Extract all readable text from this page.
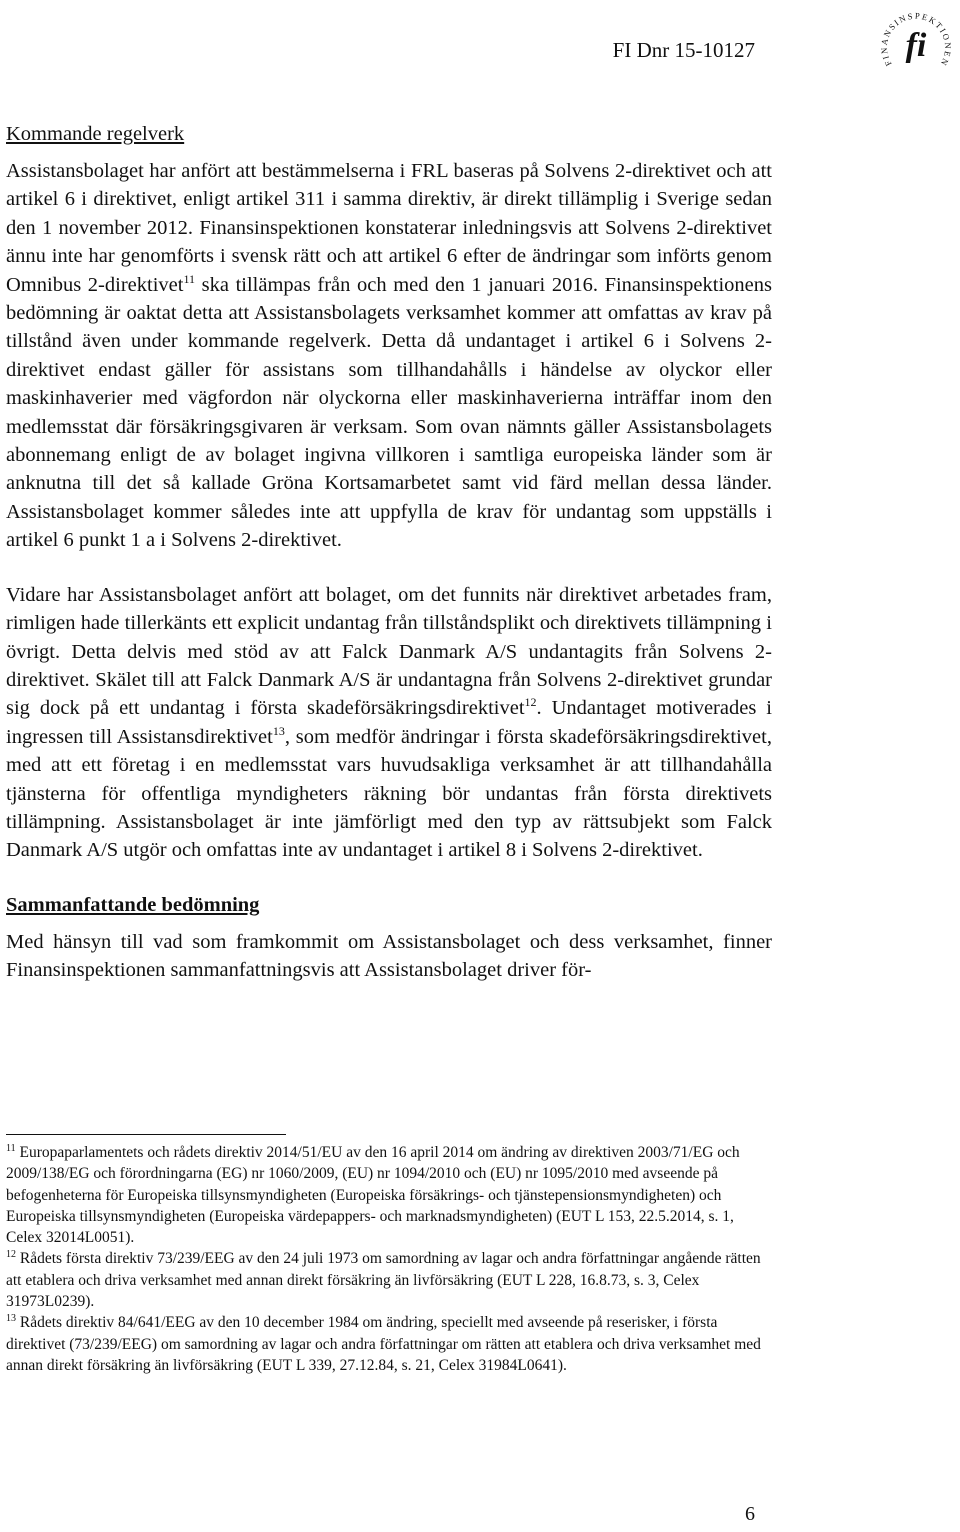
FI Dnr 15-10127
FINANSINSPEKTIONEN
fi
Kommande regelverk

Assistansbolaget har anfört att bestämmelserna i FRL baseras på Solvens 2-direktivet och att artikel 6 i direktivet, enligt artikel 311 i samma direktiv, är direkt tillämplig i Sverige sedan den 1 november 2012. Finansinspektionen konstaterar inledningsvis att Solvens 2-direktivet ännu inte har genomförts i svensk rätt och att artikel 6 efter de ändringar som införts genom Omnibus 2-direktivet$^{11}$ ska tillämpas från och med den 1 januari 2016. Finansinspektionens bedömning är oaktat detta att Assistansbolagets verksamhet kommer att omfattas av krav på tillstånd även under kommande regelverk. Detta då undantaget i artikel 6 i Solvens 2-direktivet endast gäller för assistans som tillhandahålls i händelse av olyckor eller maskinhaverier med vägfordon när olyckorna eller maskinhaverierna inträffar inom den medlemsstat där försäkringsgivaren är verksam. Som ovan nämnts gäller Assistansbolagets abonnemang enligt de av bolaget ingivna villkoren i samtliga europeiska länder som är anknutna till det så kallade Gröna Kortsamarbetet samt vid färd mellan dessa länder. Assistansbolaget kommer således inte att uppfylla de krav för undantag som uppställs i artikel 6 punkt 1 a i Solvens 2-direktivet.

Vidare har Assistansbolaget anfört att bolaget, om det funnits när direktivet arbetades fram, rimligen hade tillerkänts ett explicit undantag från tillståndsplikt och direktivets tillämpning i övrigt. Detta delvis med stöd av att Falck Danmark A/S undantagits från Solvens 2-direktivet. Skälet till att Falck Danmark A/S är undantagna från Solvens 2-direktivet grundar sig dock på ett undantag i första skadeförsäkringsdirektivet$^{12}$. Undantaget motiverades i ingressen till Assistansdirektivet$^{13}$, som medför ändringar i första skadeförsäkringsdirektivet, med att ett företag i en medlemsstat vars huvudsakliga verksamhet är att tillhandahålla tjänsterna för offentliga myndigheters räkning bör undantas från första direktivets tillämpning. Assistansbolaget är inte jämförligt med den typ av rättsubjekt som Falck Danmark A/S utgör och omfattas inte av undantaget i artikel 8 i Solvens 2-direktivet.

Sammanfattande bedömning

Med hänsyn till vad som framkommit om Assistansbolaget och dess verksamhet, finner Finansinspektionen sammanfattningsvis att Assistansbolaget driver för-

$^{11}$ Europaparlamentets och rådets direktiv 2014/51/EU av den 16 april 2014 om ändring av direktiven 2003/71/EG och 2009/138/EG och förordningarna (EG) nr 1060/2009, (EU) nr 1094/2010 och (EU) nr 1095/2010 med avseende på befogenheterna för Europeiska tillsynsmyndigheten (Europeiska försäkrings- och tjänstepensionsmyndigheten) och Europeiska tillsynsmyndigheten (Europeiska värdepappers- och marknadsmyndigheten) (EUT L 153, 22.5.2014, s. 1, Celex 32014L0051).

$^{12}$ Rådets första direktiv 73/239/EEG av den 24 juli 1973 om samordning av lagar och andra författningar angående rätten att etablera och driva verksamhet med annan direkt försäkring än livförsäkring (EUT L 228, 16.8.73, s. 3, Celex 31973L0239).

$^{13}$ Rådets direktiv 84/641/EEG av den 10 december 1984 om ändring, speciellt med avseende på reserisker, i första direktivet (73/239/EEG) om samordning av lagar och andra författningar om rätten att etablera och driva verksamhet med annan direkt försäkring än livförsäkring (EUT L 339, 27.12.84, s. 21, Celex 31984L0641).

6
